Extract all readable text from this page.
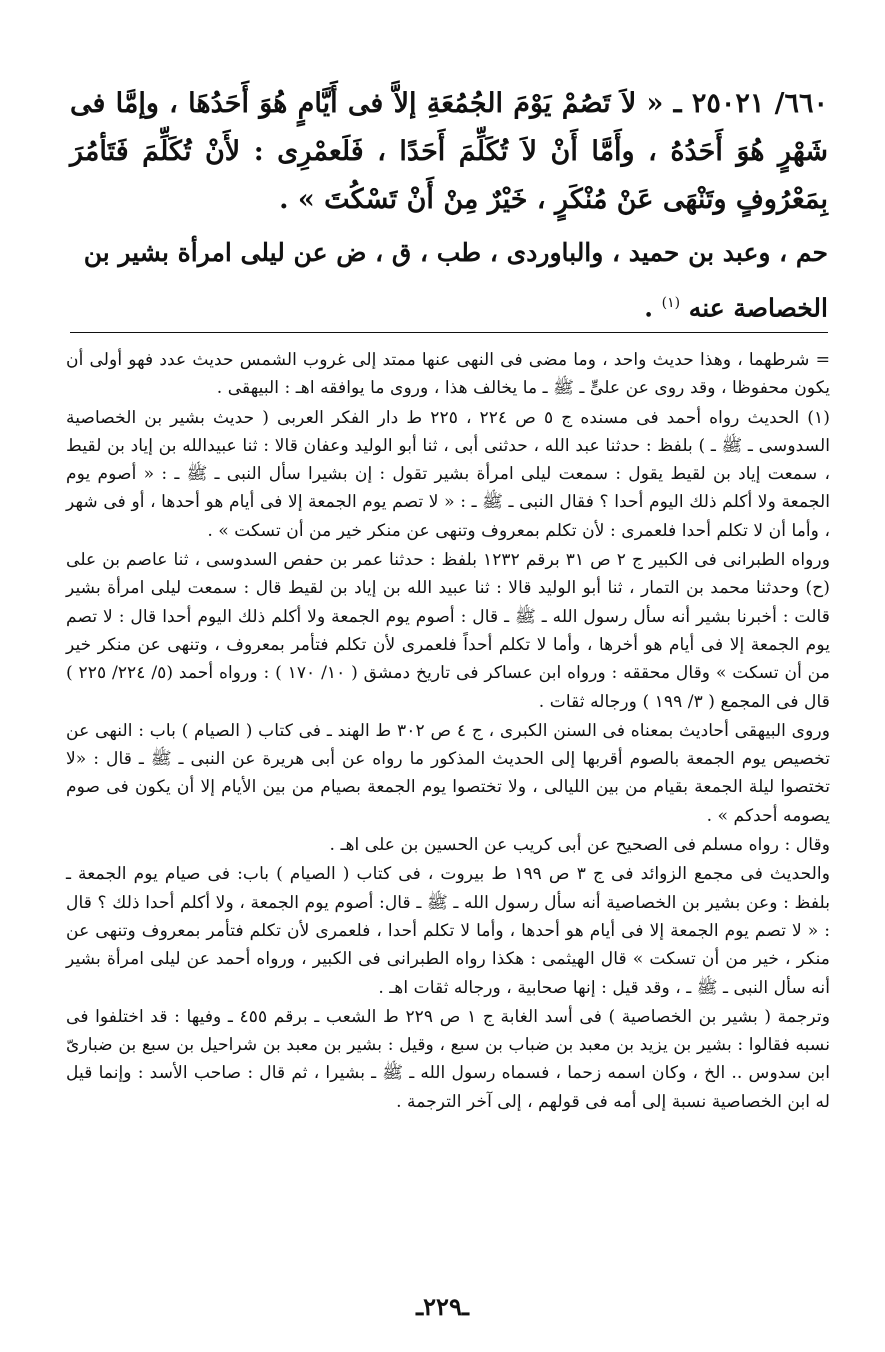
٦٦٠/ ٢٥٠٢١ ـ « لاَ تَصُمْ يَوْمَ الجُمُعَةِ إلاَّ فى أَيَّامٍ هُوَ أَحَدُهَا ، وإمَّا فى شَهْرٍ هُوَ أَحَدُهُ ، وأَمَّا أَنْ لاَ تُكَلِّمَ أَحَدًا ، فَلَعمْرِى : لأَنْ تُكَلِّمَ فَتَأمُرَ بِمَعْرُوفٍ وتَنْهَى عَنْ مُنْكَرٍ ، خَيْرٌ مِنْ أَنْ تَسْكُتَ » .
حم ، وعبد بن حميد ، والباوردى ، طب ، ق ، ض عن ليلى امرأة بشير بن الخصاصة عنه $^{(١)}$ .

= شرطهما ، وهذا حديث واحد ، وما مضى فى النهى عنها ممتد إلى غروب الشمس حديث عدد فهو أولى أن يكون محفوظا ، وقد روى عن علىٍّ ـ ﷺ ـ ما يخالف هذا ، وروى ما يوافقه اهـ : البيهقى .

(١) الحديث رواه أحمد فى مسنده ج ٥ ص ٢٢٤ ، ٢٢٥ ط دار الفكر العربى ( حديث بشير بن الخصاصية السدوسى ـ ﷺ ـ ) بلفظ : حدثنا عبد الله ، حدثنى أبى ، ثنا أبو الوليد وعفان قالا : ثنا عبيدالله بن إياد بن لقيط ، سمعت إياد بن لقيط يقول : سمعت ليلى امرأة بشير تقول : إن بشيرا سأل النبى ـ ﷺ ـ : « أصوم يوم الجمعة ولا أكلم ذلك اليوم أحدا ؟ فقال النبى ـ ﷺ ـ : « لا تصم يوم الجمعة إلا فى أيام هو أحدها ، أو فى شهر ، وأما أن لا تكلم أحدا فلعمرى : لأن تكلم بمعروف وتنهى عن منكر خير من أن تسكت » .

ورواه الطبرانى فى الكبير ج ٢ ص ٣١ برقم ١٢٣٢ بلفظ : حدثنا عمر بن حفص السدوسى ، ثنا عاصم بن على (ح) وحدثنا محمد بن التمار ، ثنا أبو الوليد قالا : ثنا عبيد الله بن إياد بن لقيط قال : سمعت ليلى امرأة بشير قالت : أخبرنا بشير أنه سأل رسول الله ـ ﷺ ـ قال : أصوم يوم الجمعة ولا أكلم ذلك اليوم أحدا قال : لا تصم يوم الجمعة إلا فى أيام هو أخرها ، وأما لا تكلم أحداً فلعمرى لأن تكلم فتأمر بمعروف ، وتنهى عن منكر خير من أن تسكت » وقال محققه : ورواه ابن عساكر فى تاريخ دمشق ( ١٠/ ١٧٠ ) : ورواه أحمد (٥/ ٢٢٤/ ٢٢٥ ) قال فى المجمع ( ٣/ ١٩٩ ) ورجاله ثقات .

وروى البيهقى أحاديث بمعناه فى السنن الكبرى ، ج ٤ ص ٣٠٢ ط الهند ـ فى كتاب ( الصيام ) باب : النهى عن تخصيص يوم الجمعة بالصوم أقربها إلى الحديث المذكور ما رواه عن أبى هريرة عن النبى ـ ﷺ ـ قال : «لا تختصوا ليلة الجمعة بقيام من بين الليالى ، ولا تختصوا يوم الجمعة بصيام من بين الأيام إلا أن يكون فى صوم يصومه أحدكم » .

وقال : رواه مسلم فى الصحيح عن أبى كريب عن الحسين بن على اهـ .

والحديث فى مجمع الزوائد فى ج ٣ ص ١٩٩ ط بيروت ، فى كتاب ( الصيام ) باب: فى صيام يوم الجمعة ـ بلفظ : وعن بشير بن الخصاصية أنه سأل رسول الله ـ ﷺ ـ قال: أصوم يوم الجمعة ، ولا أكلم أحدا ذلك ؟ قال : « لا تصم يوم الجمعة إلا فى أيام هو أحدها ، وأما لا تكلم أحدا ، فلعمرى لأن تكلم فتأمر بمعروف وتنهى عن منكر ، خير من أن تسكت » قال الهيثمى : هكذا رواه الطبرانى فى الكبير ، ورواه أحمد عن ليلى امرأة بشير أنه سأل النبى ـ ﷺ ـ ، وقد قيل : إنها صحابية ، ورجاله ثقات اهـ .

وترجمة ( بشير بن الخصاصية ) فى أسد الغابة ج ١ ص ٢٢٩ ط الشعب ـ برقم ٤٥٥ ـ وفيها : قد اختلفوا فى نسبه فقالوا : بشير بن يزيد بن معبد بن ضباب بن سبع ، وقيل : بشير بن معبد بن شراحيل بن سبع بن ضبارىّ ابن سدوس .. الخ ، وكان اسمه زحما ، فسماه رسول الله ـ ﷺ ـ بشيرا ، ثم قال : صاحب الأسد : وإنما قيل له ابن الخصاصية نسبة إلى أمه فى قولهم ، إلى آخر الترجمة .

ـ٢٢٩ـ
